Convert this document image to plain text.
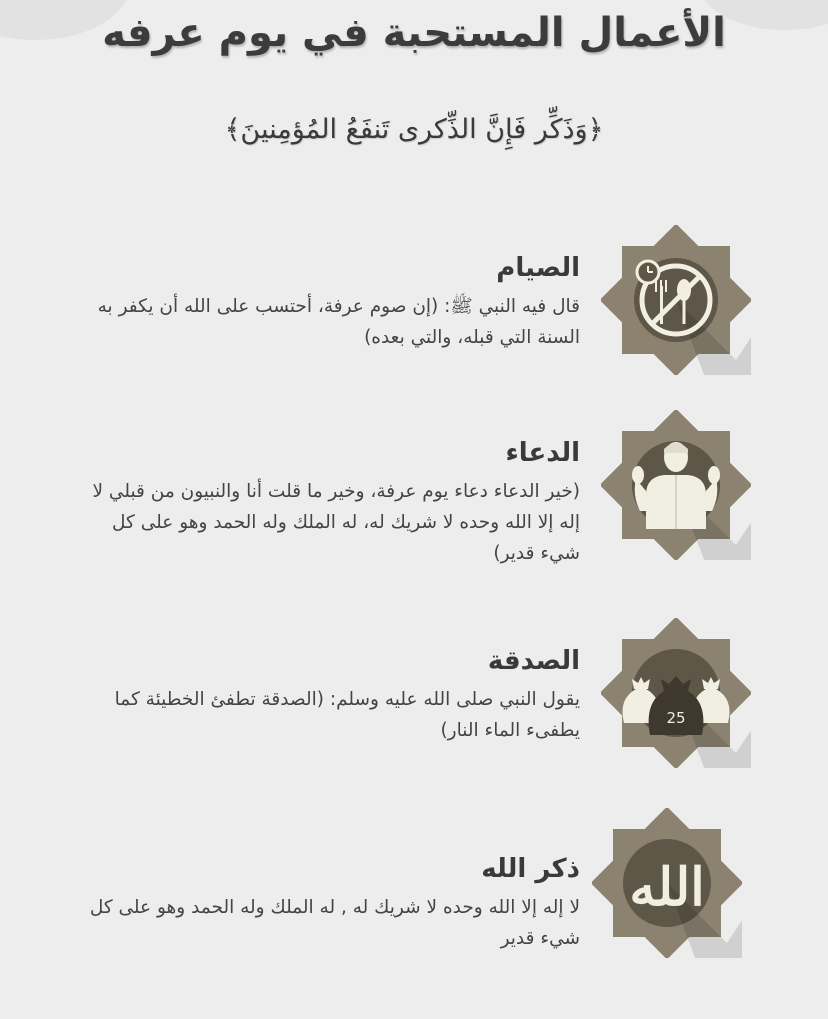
الأعمال المستحبة في يوم عرفه
﴿وَذَكِّر فَإِنَّ الذِّكرى تَنفَعُ المُؤمِنينَ﴾
الصيام

قال فيه النبي ﷺ: (إن صوم عرفة، أحتسب على الله أن يكفر به السنة التي قبله، والتي بعده)

الدعاء

(خير الدعاء دعاء يوم عرفة، وخير ما قلت أنا والنبيون من قبلي لا إله إلا الله وحده لا شريك له، له الملك وله الحمد وهو على كل شيء قدير)

25
الصدقة

يقول النبي صلى الله عليه وسلم: (الصدقة تطفئ الخطيئة كما يطفىء الماء النار)

الله
ذكر الله

لا إله إلا الله وحده لا شريك له , له الملك وله الحمد وهو على كل شيء قدير
